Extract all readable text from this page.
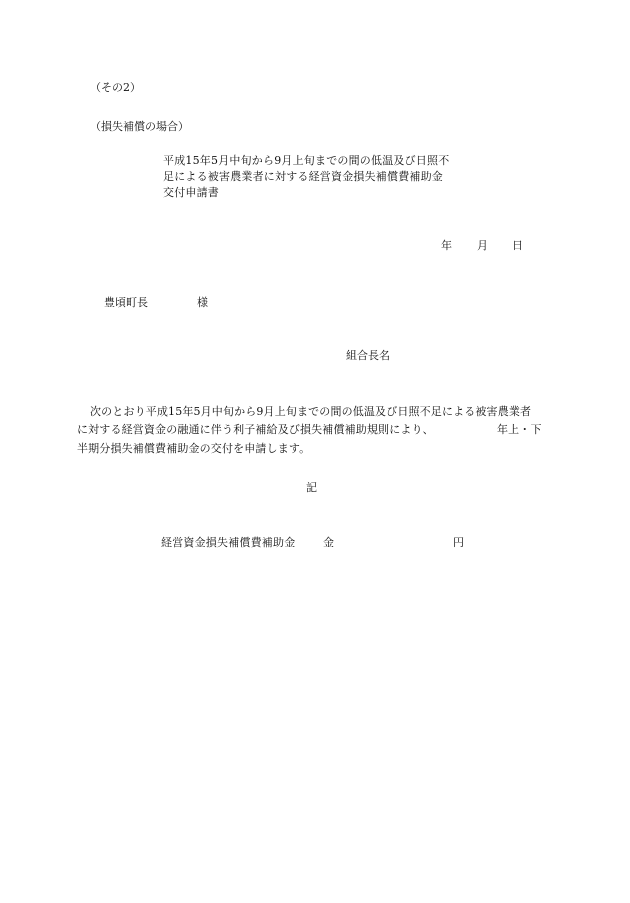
（その2）
（損失補償の場合）
平成15年5月中旬から9月上旬までの間の低温及び日照不
足による被害農業者に対する経営資金損失補償費補助金
交付申請書
年 月 日
豊頃町長	様
組合長名
次のとおり平成15年5月中旬から9月上旬までの間の低温及び日照不足による被害農業者
に対する経営資金の融通に伴う利子補給及び損失補償補助規則により、	年上・下
半期分損失補償費補助金の交付を申請します。
記
経営資金損失補償費補助金	金	円
